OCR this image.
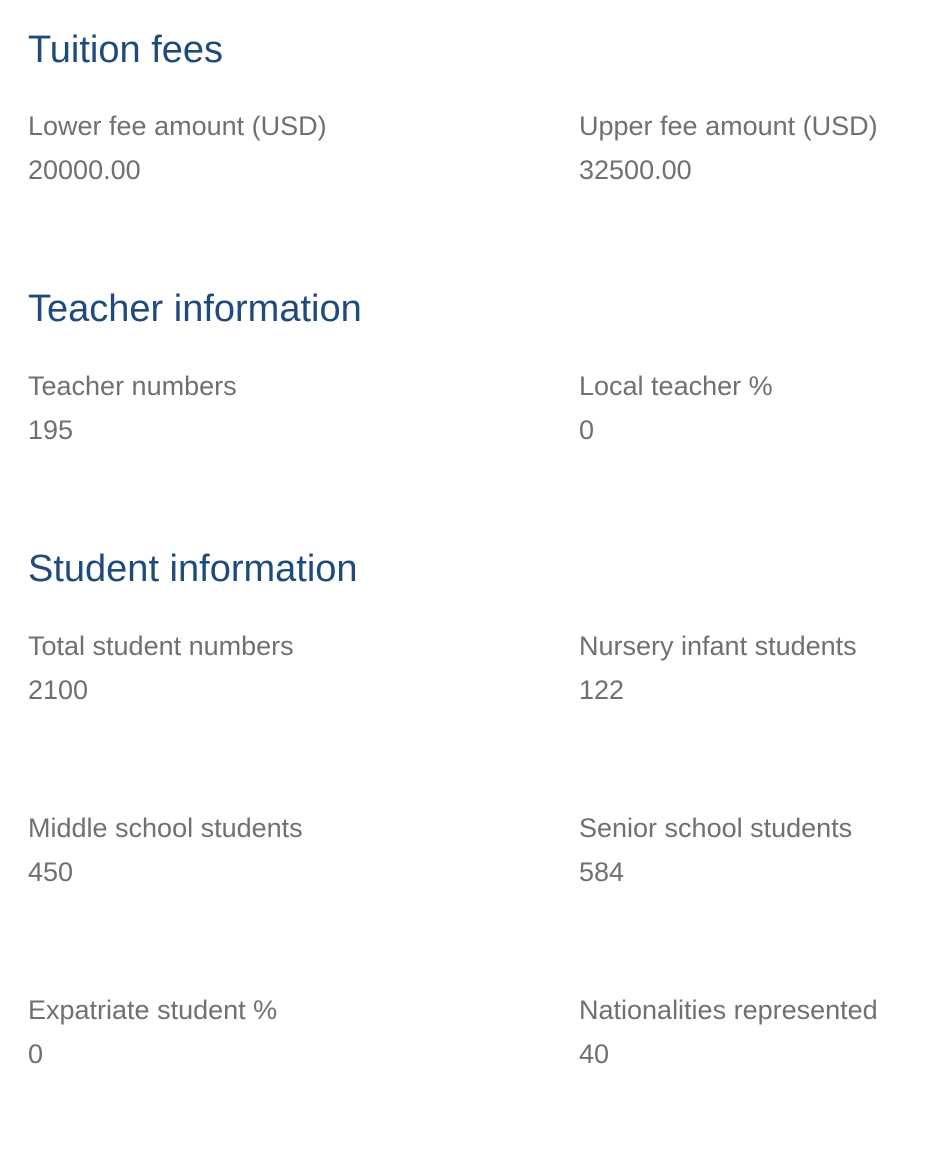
Tuition fees
Lower fee amount (USD)
20000.00
Upper fee amount (USD)
32500.00
Teacher information
Teacher numbers
195
Local teacher %
0
Student information
Total student numbers
2100
Nursery infant students
122
Middle school students
450
Senior school students
584
Expatriate student %
0
Nationalities represented
40
